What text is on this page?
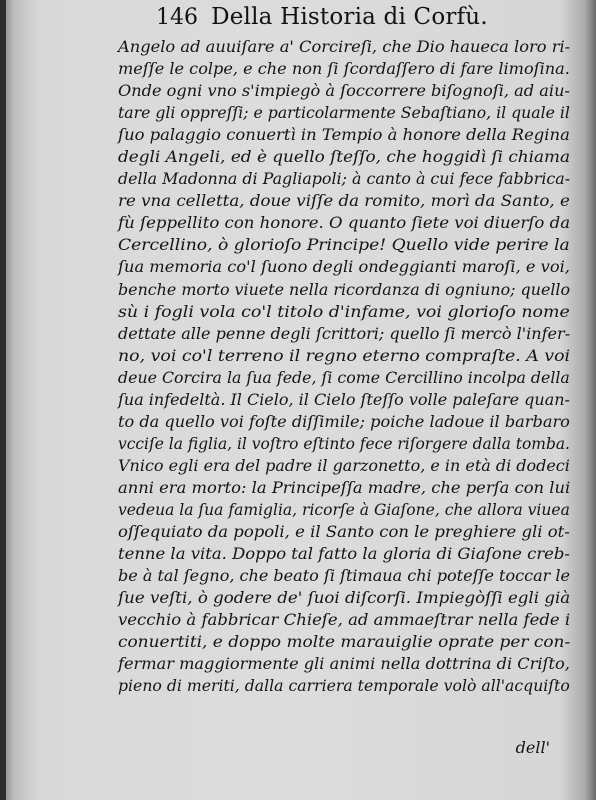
146 Della Historia di Corfù.
Angelo ad auuiſare a' Corcireſi, che Dio haueca loro ri-
meſſe le colpe, e che non ſi ſcordaſſero di fare limoſina.
Onde ogni vno s'impiegò à ſoccorrere biſognoſi, ad aiu-
tare gli oppreſſi; e particolarmente Sebaſtiano, il quale il
ſuo palaggio conuertì in Tempio à honore della Regina
degli Angeli, ed è quello ſteſſo, che hoggidì ſi chiama
della Madonna di Pagliapoli; à canto à cui fece fabbrica-
re vna celletta, doue viſſe da romito, morì da Santo, e
fù ſeppellito con honore. O quanto ſiete voi diuerſo da
Cercellino, ò glorioſo Principe! Quello vide perire la
ſua memoria co'l ſuono degli ondeggianti maroſi, e voi,
benche morto viuete nella ricordanza di ogniuno; quello
sù i fogli vola co'l titolo d'infame, voi glorioſo nome
dettate alle penne degli ſcrittori; quello ſi mercò l'infer-
no, voi co'l terreno il regno eterno compraſte. A voi
deue Corcira la ſua fede, ſi come Cercillino incolpa della
ſua infedeltà. Il Cielo, il Cielo ſteſſo volle paleſare quan-
to da quello voi foſte diſſimile; poiche ladoue il barbaro
vcciſe la figlia, il voſtro eſtinto fece riſorgere dalla tomba.
Vnico egli era del padre il garzonetto, e in età di dodeci
anni era morto: la Principeſſa madre, che perſa con lui
vedeua la ſua famiglia, ricorſe à Giaſone, che allora viuea
oſſequiato da popoli, e il Santo con le preghiere gli ot-
tenne la vita. Doppo tal fatto la gloria di Giaſone creb-
be à tal ſegno, che beato ſi ſtimaua chi poteſſe toccar le
ſue veſti, ò godere de' ſuoi diſcorſi. Impiegòſſi egli già
vecchio à fabbricar Chieſe, ad ammaeſtrar nella fede i
conuertiti, e doppo molte marauiglie oprate per con-
fermar maggiormente gli animi nella dottrina di Criſto,
pieno di meriti, dalla carriera temporale volò all'acquiſto
dell'
